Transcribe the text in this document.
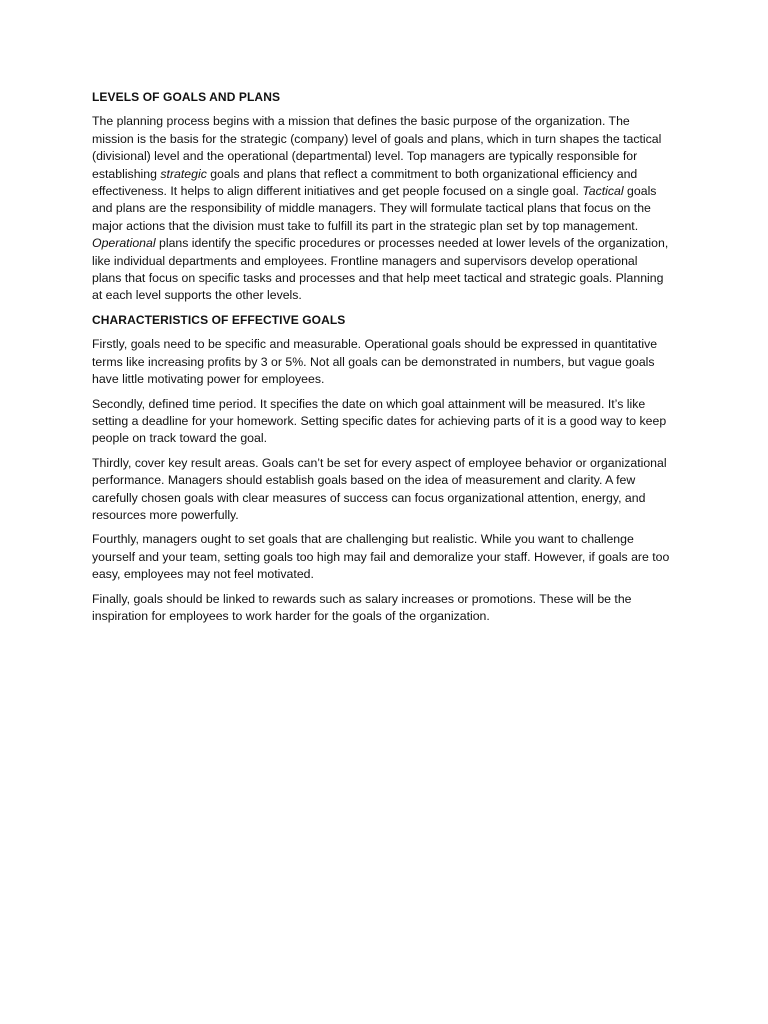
LEVELS OF GOALS AND PLANS

The planning process begins with a mission that defines the basic purpose of the organization. The mission is the basis for the strategic (company) level of goals and plans, which in turn shapes the tactical (divisional) level and the operational (departmental) level. Top managers are typically responsible for establishing strategic goals and plans that reflect a commitment to both organizational efficiency and effectiveness. It helps to align different initiatives and get people focused on a single goal. Tactical goals and plans are the responsibility of middle managers. They will formulate tactical plans that focus on the major actions that the division must take to fulfill its part in the strategic plan set by top management. Operational plans identify the specific procedures or processes needed at lower levels of the organization, like individual departments and employees. Frontline managers and supervisors develop operational plans that focus on specific tasks and processes and that help meet tactical and strategic goals. Planning at each level supports the other levels.

CHARACTERISTICS OF EFFECTIVE GOALS

Firstly, goals need to be specific and measurable. Operational goals should be expressed in quantitative terms like increasing profits by 3 or 5%. Not all goals can be demonstrated in numbers, but vague goals have little motivating power for employees.

Secondly, defined time period. It specifies the date on which goal attainment will be measured. It’s like setting a deadline for your homework. Setting specific dates for achieving parts of it is a good way to keep people on track toward the goal.

Thirdly, cover key result areas. Goals can’t be set for every aspect of employee behavior or organizational performance. Managers should establish goals based on the idea of measurement and clarity. A few carefully chosen goals with clear measures of success can focus organizational attention, energy, and resources more powerfully.

Fourthly, managers ought to set goals that are challenging but realistic. While you want to challenge yourself and your team, setting goals too high may fail and demoralize your staff. However, if goals are too easy, employees may not feel motivated.

Finally, goals should be linked to rewards such as salary increases or promotions. These will be the inspiration for employees to work harder for the goals of the organization.
